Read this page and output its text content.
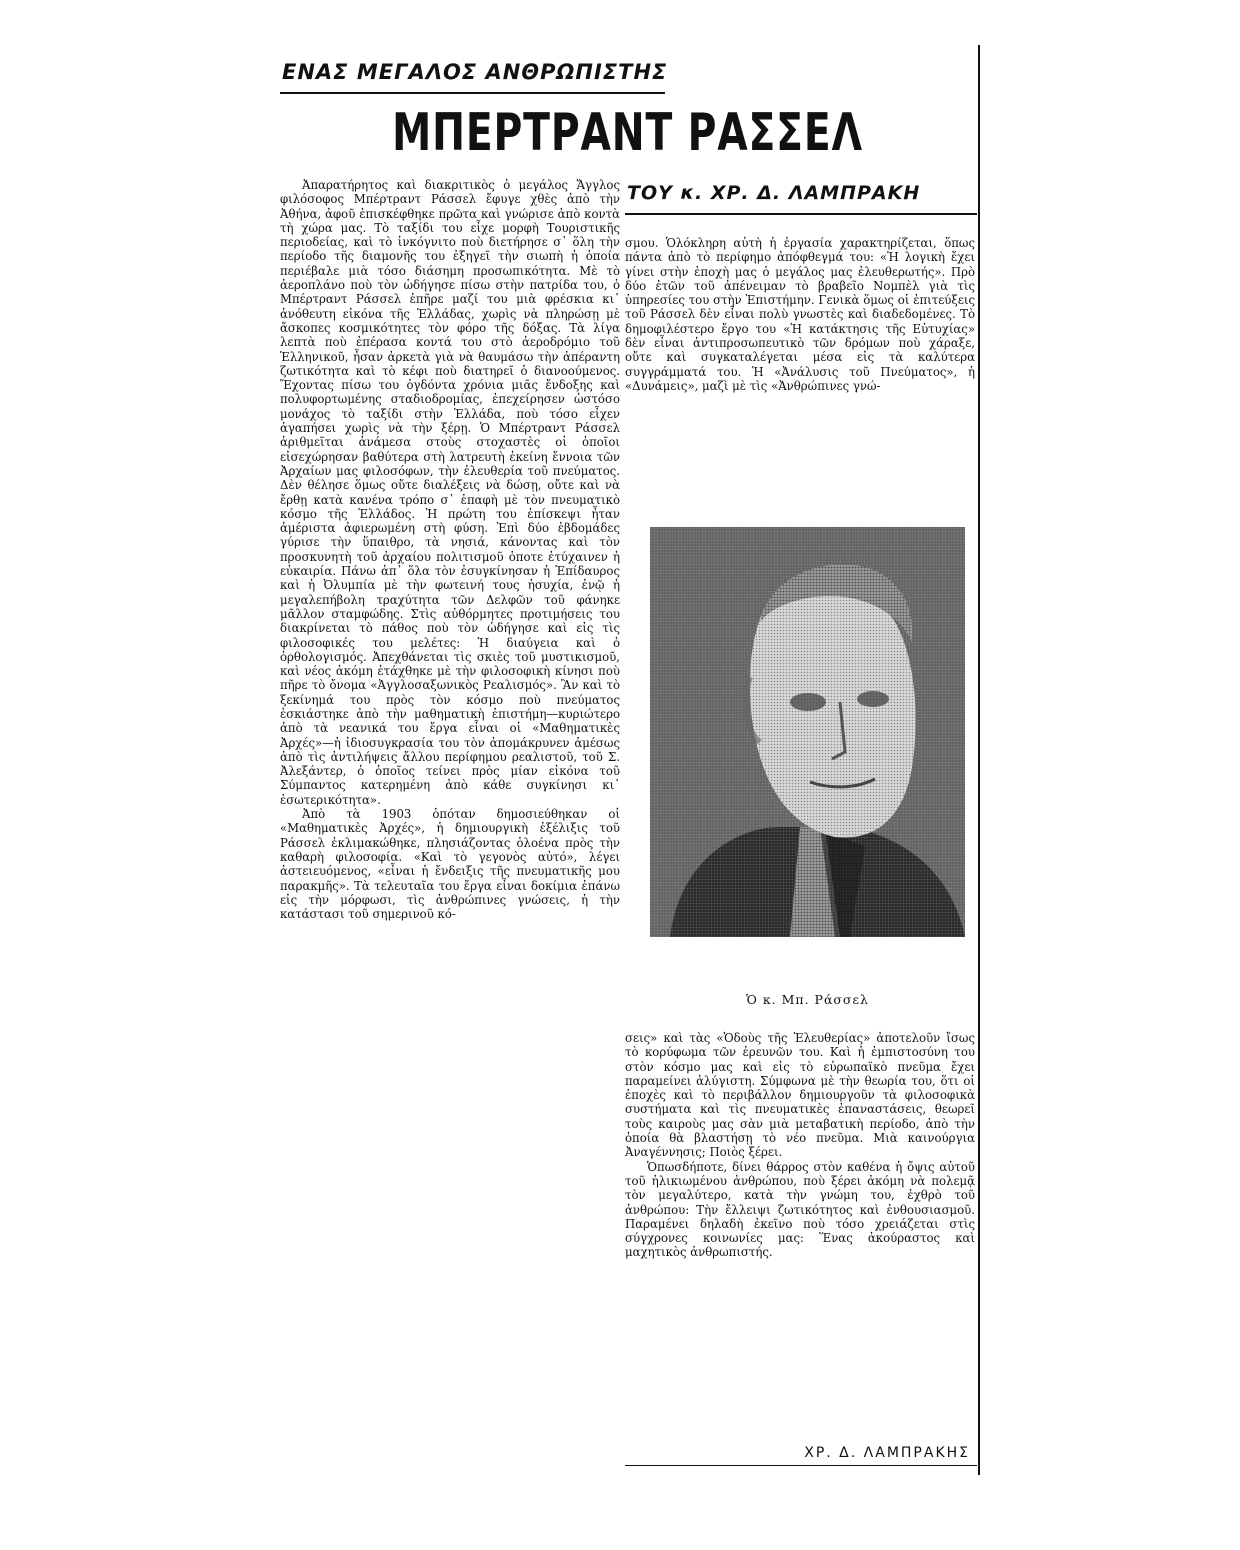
ΕΝΑΣ ΜΕΓΑΛΟΣ ΑΝΘΡΩΠΙΣΤΗΣ
ΜΠΕΡΤΡΑΝΤ ΡΑΣΣΕΛ

Ἀπαρατήρητος καὶ διακριτικὸς ὁ μεγάλος Ἄγγλος φιλόσοφος Μπέρτραντ Ράσσελ ἔφυγε χθὲς ἀπὸ τὴν Ἀθήνα, ἀφοῦ ἐπισκέφθηκε πρῶτα καὶ γνώρισε ἀπὸ κοντὰ τὴ χώρα μας. Τὸ ταξίδι του εἶχε μορφὴ Τουριστικῆς περιοδείας, καὶ τὸ ἰνκόγνιτο ποὺ διετήρησε σ᾽ ὅλη τὴν περίοδο τῆς διαμονῆς του ἐξηγεῖ τὴν σιωπὴ ἡ ὁποία περιέβαλε μιὰ τόσο διάσημη προσωπικότητα. Μὲ τὸ ἀεροπλάνο ποὺ τὸν ὡδήγησε πίσω στὴν πατρίδα του, ὁ Μπέρτραντ Ράσσελ ἐπῆρε μαζί του μιὰ φρέσκια κι᾽ ἀνόθευτη εἰκόνα τῆς Ἑλλάδας, χωρὶς νὰ πληρώσῃ μὲ ἄσκοπες κοσμικότητες τὸν φόρο τῆς δόξας. Τὰ λίγα λεπτὰ ποὺ ἐπέρασα κοντά του στὸ ἀεροδρόμιο τοῦ Ἑλληνικοῦ, ἦσαν ἀρκετὰ γιὰ νὰ θαυμάσω τὴν ἀπέραντη ζωτικότητα καὶ τὸ κέφι ποὺ διατηρεῖ ὁ διανοούμενος. Ἔχοντας πίσω του ὀγδόντα χρόνια μιᾶς ἔνδοξης καὶ πολυφορτωμένης σταδιοδρομίας, ἐπεχείρησεν ὡστόσο μονάχος τὸ ταξίδι στὴν Ἑλλάδα, ποὺ τόσο εἶχεν ἀγαπήσει χωρὶς νὰ τὴν ξέρῃ. Ὁ Μπέρτραντ Ράσσελ ἀριθμεῖται ἀνάμεσα στοὺς στοχαστὲς οἱ ὁποῖοι εἰσεχώρησαν βαθύτερα στὴ λατρευτὴ ἐκείνη ἔννοια τῶν Ἀρχαίων μας φιλοσόφων, τὴν ἐλευθερία τοῦ πνεύματος. Δὲν θέλησε ὅμως οὔτε διαλέξεις νὰ δώσῃ, οὔτε καὶ νὰ ἔρθῃ κατὰ κανένα τρόπο σ᾽ ἐπαφὴ μὲ τὸν πνευματικὸ κόσμο τῆς Ἑλλάδος. Ἡ πρώτη του ἐπίσκεψι ἦταν ἀμέριστα ἀφιερωμένη στὴ φύση. Ἐπὶ δύο ἑβδομάδες γύρισε τὴν ὕπαιθρο, τὰ νησιά, κάνοντας καὶ τὸν προσκυνητὴ τοῦ ἀρχαίου πολιτισμοῦ ὁποτε ἐτύχαινεν ἡ εὐκαιρία. Πάνω ἀπ᾽ ὅλα τὸν ἐσυγκίνησαν ἡ Ἐπίδαυρος καὶ ἡ Ὀλυμπία μὲ τὴν φωτεινή τους ἡσυχία, ἐνῷ ἡ μεγαλεπήβολη τραχύτητα τῶν Δελφῶν τοῦ φάνηκε μᾶλλον σταμφώδης. Στὶς αὐθόρμητες προτιμήσεις του διακρίνεται τὸ πάθος ποὺ τὸν ὡδήγησε καὶ εἰς τὶς φιλοσοφικές του μελέτες: Ἡ διαύγεια καὶ ὁ ὀρθολογισμός. Ἀπεχθάνεται τὶς σκιὲς τοῦ μυστικισμοῦ, καὶ νέος ἀκόμη ἐτάχθηκε μὲ τὴν φιλοσοφικὴ κίνησι ποὺ πῆρε τὸ ὄνομα «Ἀγγλοσαξωνικὸς Ρεαλισμός». Ἂν καὶ τὸ ξεκίνημά του πρὸς τὸν κόσμο ποὺ πνεύματος ἐσκιάστηκε ἀπὸ τὴν μαθηματικὴ ἐπιστήμη—κυριώτερο ἀπὸ τὰ νεανικά του ἔργα εἶναι οἱ «Μαθηματικὲς Ἀρχές»—ἡ ἰδιοσυγκρασία του τὸν ἀπομάκρυνεν ἀμέσως ἀπὸ τὶς ἀντιλήψεις ἄλλου περίφημου ρεαλιστοῦ, τοῦ Σ. Ἀλεξάντερ, ὁ ὁποῖος τείνει πρὸς μίαν εἰκόνα τοῦ Σύμπαντος κατερημένη ἀπὸ κάθε συγκίνησι κι᾽ ἐσωτερικότητα».

Ἀπὸ τὰ 1903 ὁπόταν δημοσιεύθηκαν οἱ «Μαθηματικὲς Ἀρχές», ἡ δημιουργικὴ ἐξέλιξις τοῦ Ράσσελ ἐκλιμακώθηκε, πλησιάζοντας ὁλοένα πρὸς τὴν καθαρὴ φιλοσοφία. «Καὶ τὸ γεγονὸς αὐτό», λέγει ἀστειευόμενος, «εἶναι ἡ ἔνδειξις τῆς πνευματικῆς μου παρακμῆς». Τὰ τελευταῖα του ἔργα εἶναι δοκίμια ἐπάνω εἰς τὴν μόρφωσι, τὶς ἀνθρώπινες γνώσεις, ἡ τὴν κατάστασι τοῦ σημερινοῦ κό-

ΤΟΥ κ. ΧΡ. Δ. ΛΑΜΠΡΑΚΗ

σμου. Ὁλόκληρη αὐτὴ ἡ ἐργασία χαρακτηρίζεται, ὅπως πάντα ἀπὸ τὸ περίφημο ἀπόφθεγμά του: «Ἡ λογικὴ ἔχει γίνει στὴν ἐποχὴ μας ὁ μεγάλος μας ἐλευθερωτής». Πρὸ δύο ἐτῶν τοῦ ἀπένειμαν τὸ βραβεῖο Νομπὲλ γιὰ τὶς ὑπηρεσίες του στὴν Ἐπιστήμην. Γενικὰ ὅμως οἱ ἐπιτεύξεις τοῦ Ράσσελ δὲν εἶναι πολὺ γνωστὲς καὶ διαδεδομένες. Τὸ δημοφιλέστερο ἔργο του «Ἡ κατάκτησις τῆς Εὐτυχίας» δὲν εἶναι ἀντιπροσωπευτικὸ τῶν δρόμων ποὺ χάραξε, οὔτε καὶ συγκαταλέγεται μέσα εἰς τὰ καλύτερα συγγράμματά του. Ἡ «Ἀνάλυσις τοῦ Πνεύματος», ἡ «Δυνάμεις», μαζὶ μὲ τὶς «Ἀνθρώπινες γνώ-

Ὁ κ. Μπ. Ράσσελ

σεις» καὶ τὰς «Ὁδοὺς τῆς Ἐλευθερίας» ἀποτελοῦν ἴσως τὸ κορύφωμα τῶν ἐρευνῶν του. Καὶ ἡ ἐμπιστοσύνη του στὸν κόσμο μας καὶ εἰς τὸ εὐρωπαϊκὸ πνεῦμα ἔχει παραμείνει ἀλύγιστη. Σύμφωνα μὲ τὴν θεωρία του, ὅτι οἱ ἐποχὲς καὶ τὸ περιβάλλον δημιουργοῦν τὰ φιλοσοφικὰ συστήματα καὶ τὶς πνευματικὲς ἐπαναστάσεις, θεωρεῖ τοὺς καιροὺς μας σὰν μιὰ μεταβατικὴ περίοδο, ἀπὸ τὴν ὁποία θὰ βλαστήσῃ τὸ νέο πνεῦμα. Μιὰ καινούργια Ἀναγέννησις; Ποιὸς ξέρει.

Ὁπωσδήποτε, δίνει θάρρος στὸν καθένα ἡ ὄψις αὐτοῦ τοῦ ἡλικιωμένου ἀνθρώπου, ποὺ ξέρει ἀκόμη νὰ πολεμᾷ τὸν μεγαλύτερο, κατὰ τὴν γνώμη του, ἐχθρὸ τοῦ ἀνθρώπου: Τὴν ἔλλειψι ζωτικότητος καὶ ἐνθουσιασμοῦ. Παραμένει δηλαδὴ ἐκεῖνο ποὺ τόσο χρειάζεται στὶς σύγχρονες κοινωνίες μας: Ἕνας ἀκούραστος καὶ μαχητικὸς ἀνθρωπιστής.

ΧΡ. Δ. ΛΑΜΠΡΑΚΗΣ
